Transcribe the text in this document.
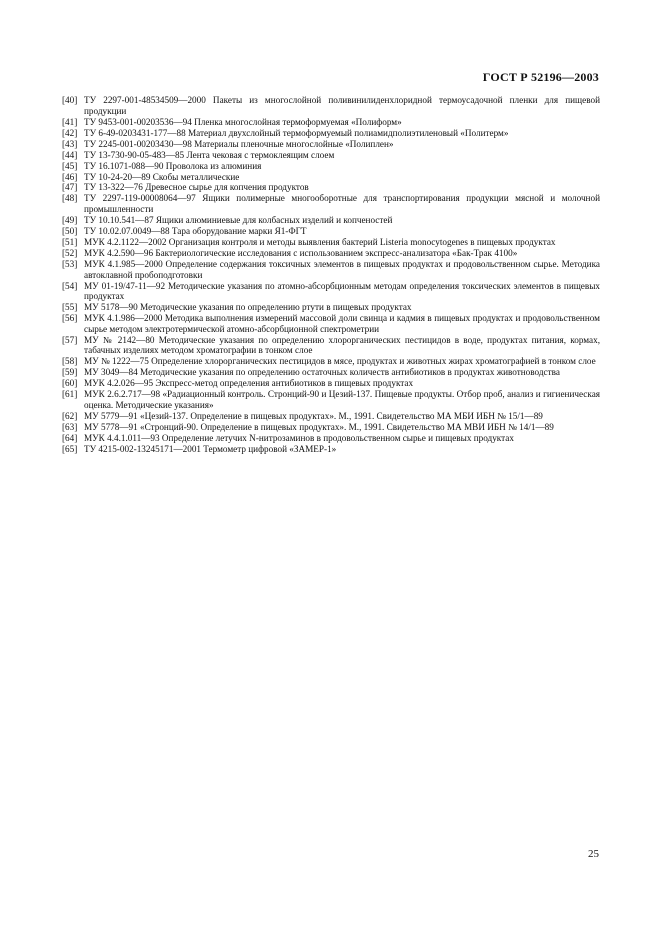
ГОСТ Р 52196—2003
[40] ТУ 2297-001-48534509—2000 Пакеты из многослойной поливинилиденхлоридной термоусадочной пленки для пищевой продукции
[41] ТУ 9453-001-00203536—94 Пленка многослойная термоформуемая «Полиформ»
[42] ТУ 6-49-0203431-177—88 Материал двухслойный термоформуемый полиамидполиэтиленовый «Политерм»
[43] ТУ 2245-001-00203430—98 Материалы пленочные многослойные «Полиплен»
[44] ТУ 13-730-90-05-483—85 Лента чековая с термоклеящим слоем
[45] ТУ 16.1071-088—90 Проволока из алюминия
[46] ТУ 10-24-20—89 Скобы металлические
[47] ТУ 13-322—76 Древесное сырье для копчения продуктов
[48] ТУ 2297-119-00008064—97 Ящики полимерные многооборотные для транспортирования продукции мясной и молочной промышленности
[49] ТУ 10.10.541—87 Ящики алюминиевые для колбасных изделий и копченостей
[50] ТУ 10.02.07.0049—88 Тара оборудование марки Я1-ФГТ
[51] МУК 4.2.1122—2002 Организация контроля и методы выявления бактерий Listeria monocytogenes в пищевых продуктах
[52] МУК 4.2.590—96 Бактериологические исследования с использованием экспресс-анализатора «Бак-Трак 4100»
[53] МУК 4.1.985—2000 Определение содержания токсичных элементов в пищевых продуктах и продовольственном сырье. Методика автоклавной пробоподготовки
[54] МУ 01-19/47-11—92 Методические указания по атомно-абсорбционным методам определения токсических элементов в пищевых продуктах
[55] МУ 5178—90 Методические указания по определению ртути в пищевых продуктах
[56] МУК 4.1.986—2000 Методика выполнения измерений массовой доли свинца и кадмия в пищевых продуктах и продовольственном сырье методом электротермической атомно-абсорбционной спектрометрии
[57] МУ № 2142—80 Методические указания по определению хлорорганических пестицидов в воде, продуктах питания, кормах, табачных изделиях методом хроматографии в тонком слое
[58] МУ № 1222—75 Определение хлорорганических пестицидов в мясе, продуктах и животных жирах хроматографией в тонком слое
[59] МУ 3049—84 Методические указания по определению остаточных количеств антибиотиков в продуктах животноводства
[60] МУК 4.2.026—95 Экспресс-метод определения антибиотиков в пищевых продуктах
[61] МУК 2.6.2.717—98 «Радиационный контроль. Стронций-90 и Цезий-137. Пищевые продукты. Отбор проб, анализ и гигиеническая оценка. Методические указания»
[62] МУ 5779—91 «Цезий-137. Определение в пищевых продуктах». М., 1991. Свидетельство МА МБИ ИБН № 15/1—89
[63] МУ 5778—91 «Стронций-90. Определение в пищевых продуктах». М., 1991. Свидетельство МА МВИ ИБН № 14/1—89
[64] МУК 4.4.1.011—93 Определение летучих N-нитрозаминов в продовольственном сырье и пищевых продуктах
[65] ТУ 4215-002-13245171—2001 Термометр цифровой «ЗАМЕР-1»
25
